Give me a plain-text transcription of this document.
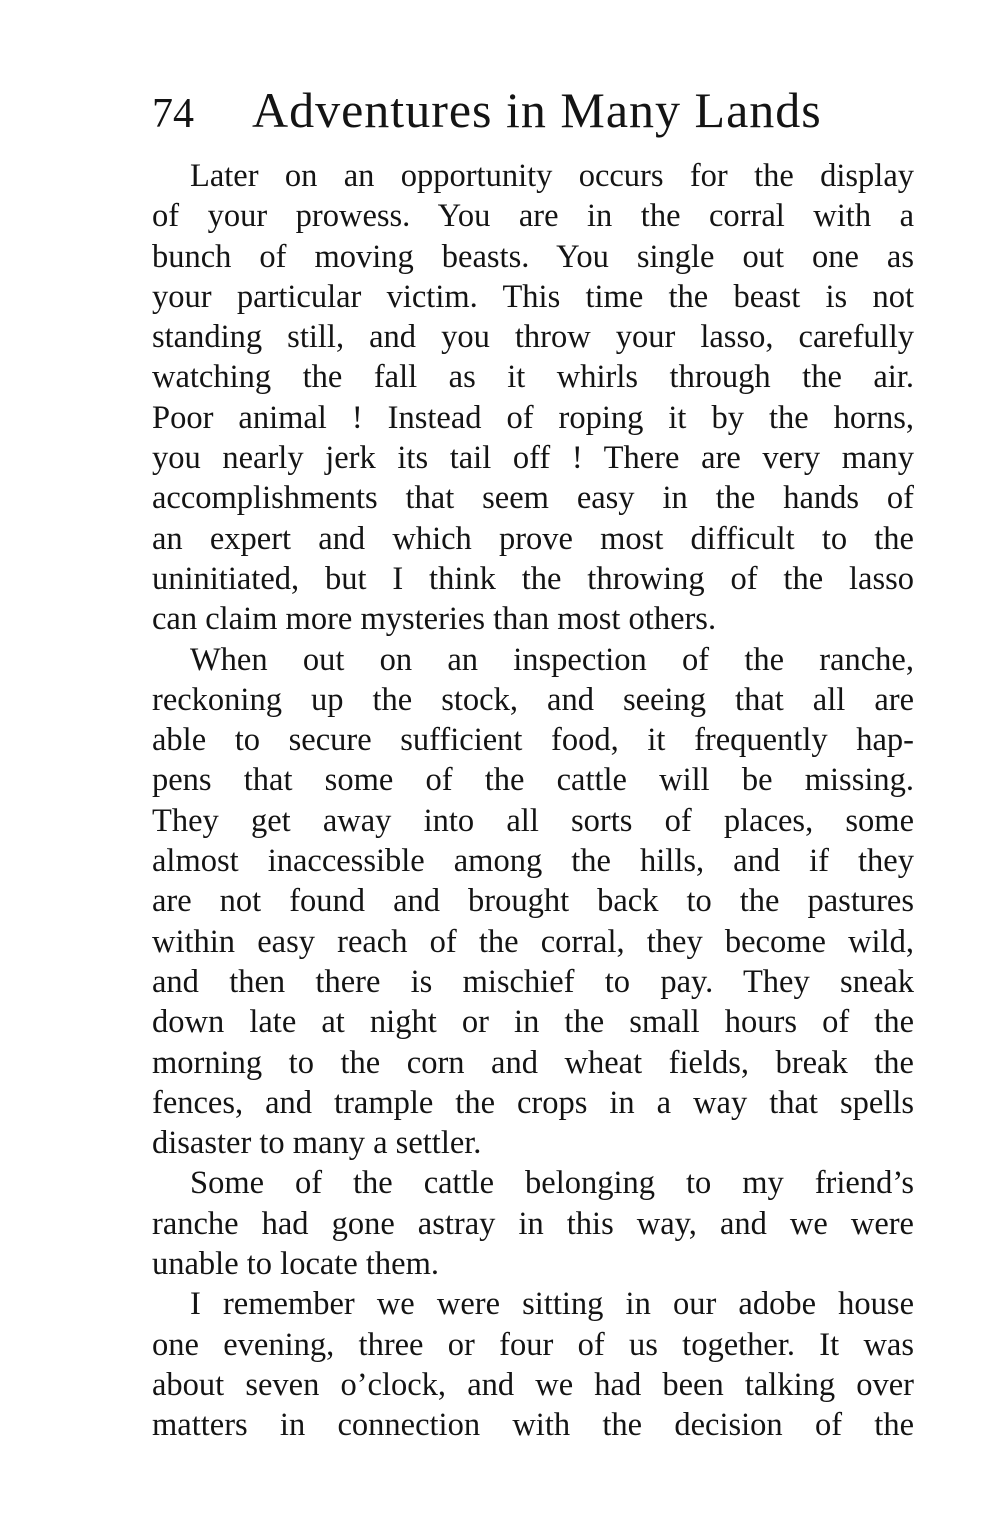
74 Adventures in Many Lands
Later on an opportunity occurs for the display
of your prowess. You are in the corral with a
bunch of moving beasts. You single out one as
your particular victim. This time the beast is not
standing still, and you throw your lasso, carefully
watching the fall as it whirls through the air.
Poor animal ! Instead of roping it by the horns,
you nearly jerk its tail off ! There are very many
accomplishments that seem easy in the hands of
an expert and which prove most difficult to the
uninitiated, but I think the throwing of the lasso
can claim more mysteries than most others.
When out on an inspection of the ranche,
reckoning up the stock, and seeing that all are
able to secure sufficient food, it frequently hap-
pens that some of the cattle will be missing.
They get away into all sorts of places, some
almost inaccessible among the hills, and if they
are not found and brought back to the pastures
within easy reach of the corral, they become wild,
and then there is mischief to pay. They sneak
down late at night or in the small hours of the
morning to the corn and wheat fields, break the
fences, and trample the crops in a way that spells
disaster to many a settler.
Some of the cattle belonging to my friend’s
ranche had gone astray in this way, and we were
unable to locate them.
I remember we were sitting in our adobe house
one evening, three or four of us together. It was
about seven o’clock, and we had been talking over
matters in connection with the decision of the
